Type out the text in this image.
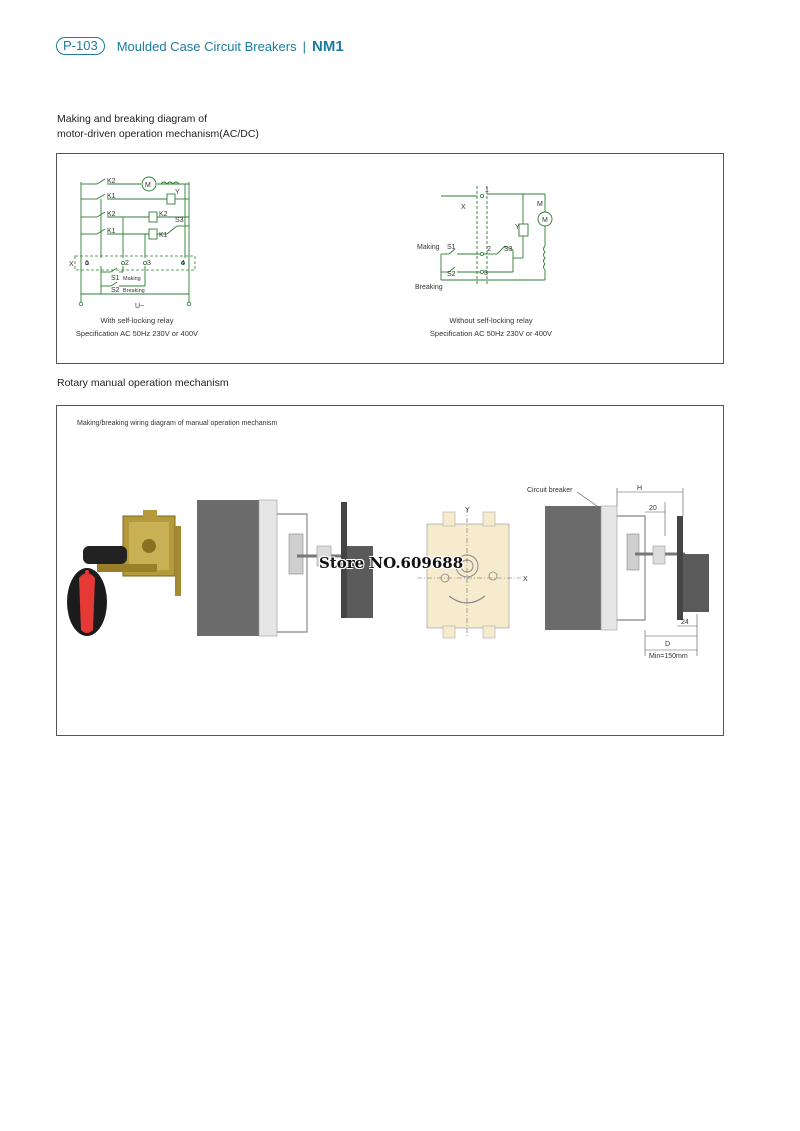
P-103	Moulded Case Circuit Breakers | NM1
Making and breaking diagram of
motor-driven operation mechanism(AC/DC)
K2
M
K1
Y
K2	K2
S3
K1
K1
X 1	2	3	4
S1 Making
S2 Breaking
U~
1
X	M
M
Y
Making S1	2 S3
S2	3
Breaking
With self-locking relay
Specification AC 50Hz 230V or 400V
Without self-locking relay
Specification AC 50Hz 230V or 400V
Rotary manual operation mechanism
Making/breaking wiring diagram of manual operation mechanism
Y
X
Circuit breaker	H
20
24
D
Min=150mm
Store NO.609688
